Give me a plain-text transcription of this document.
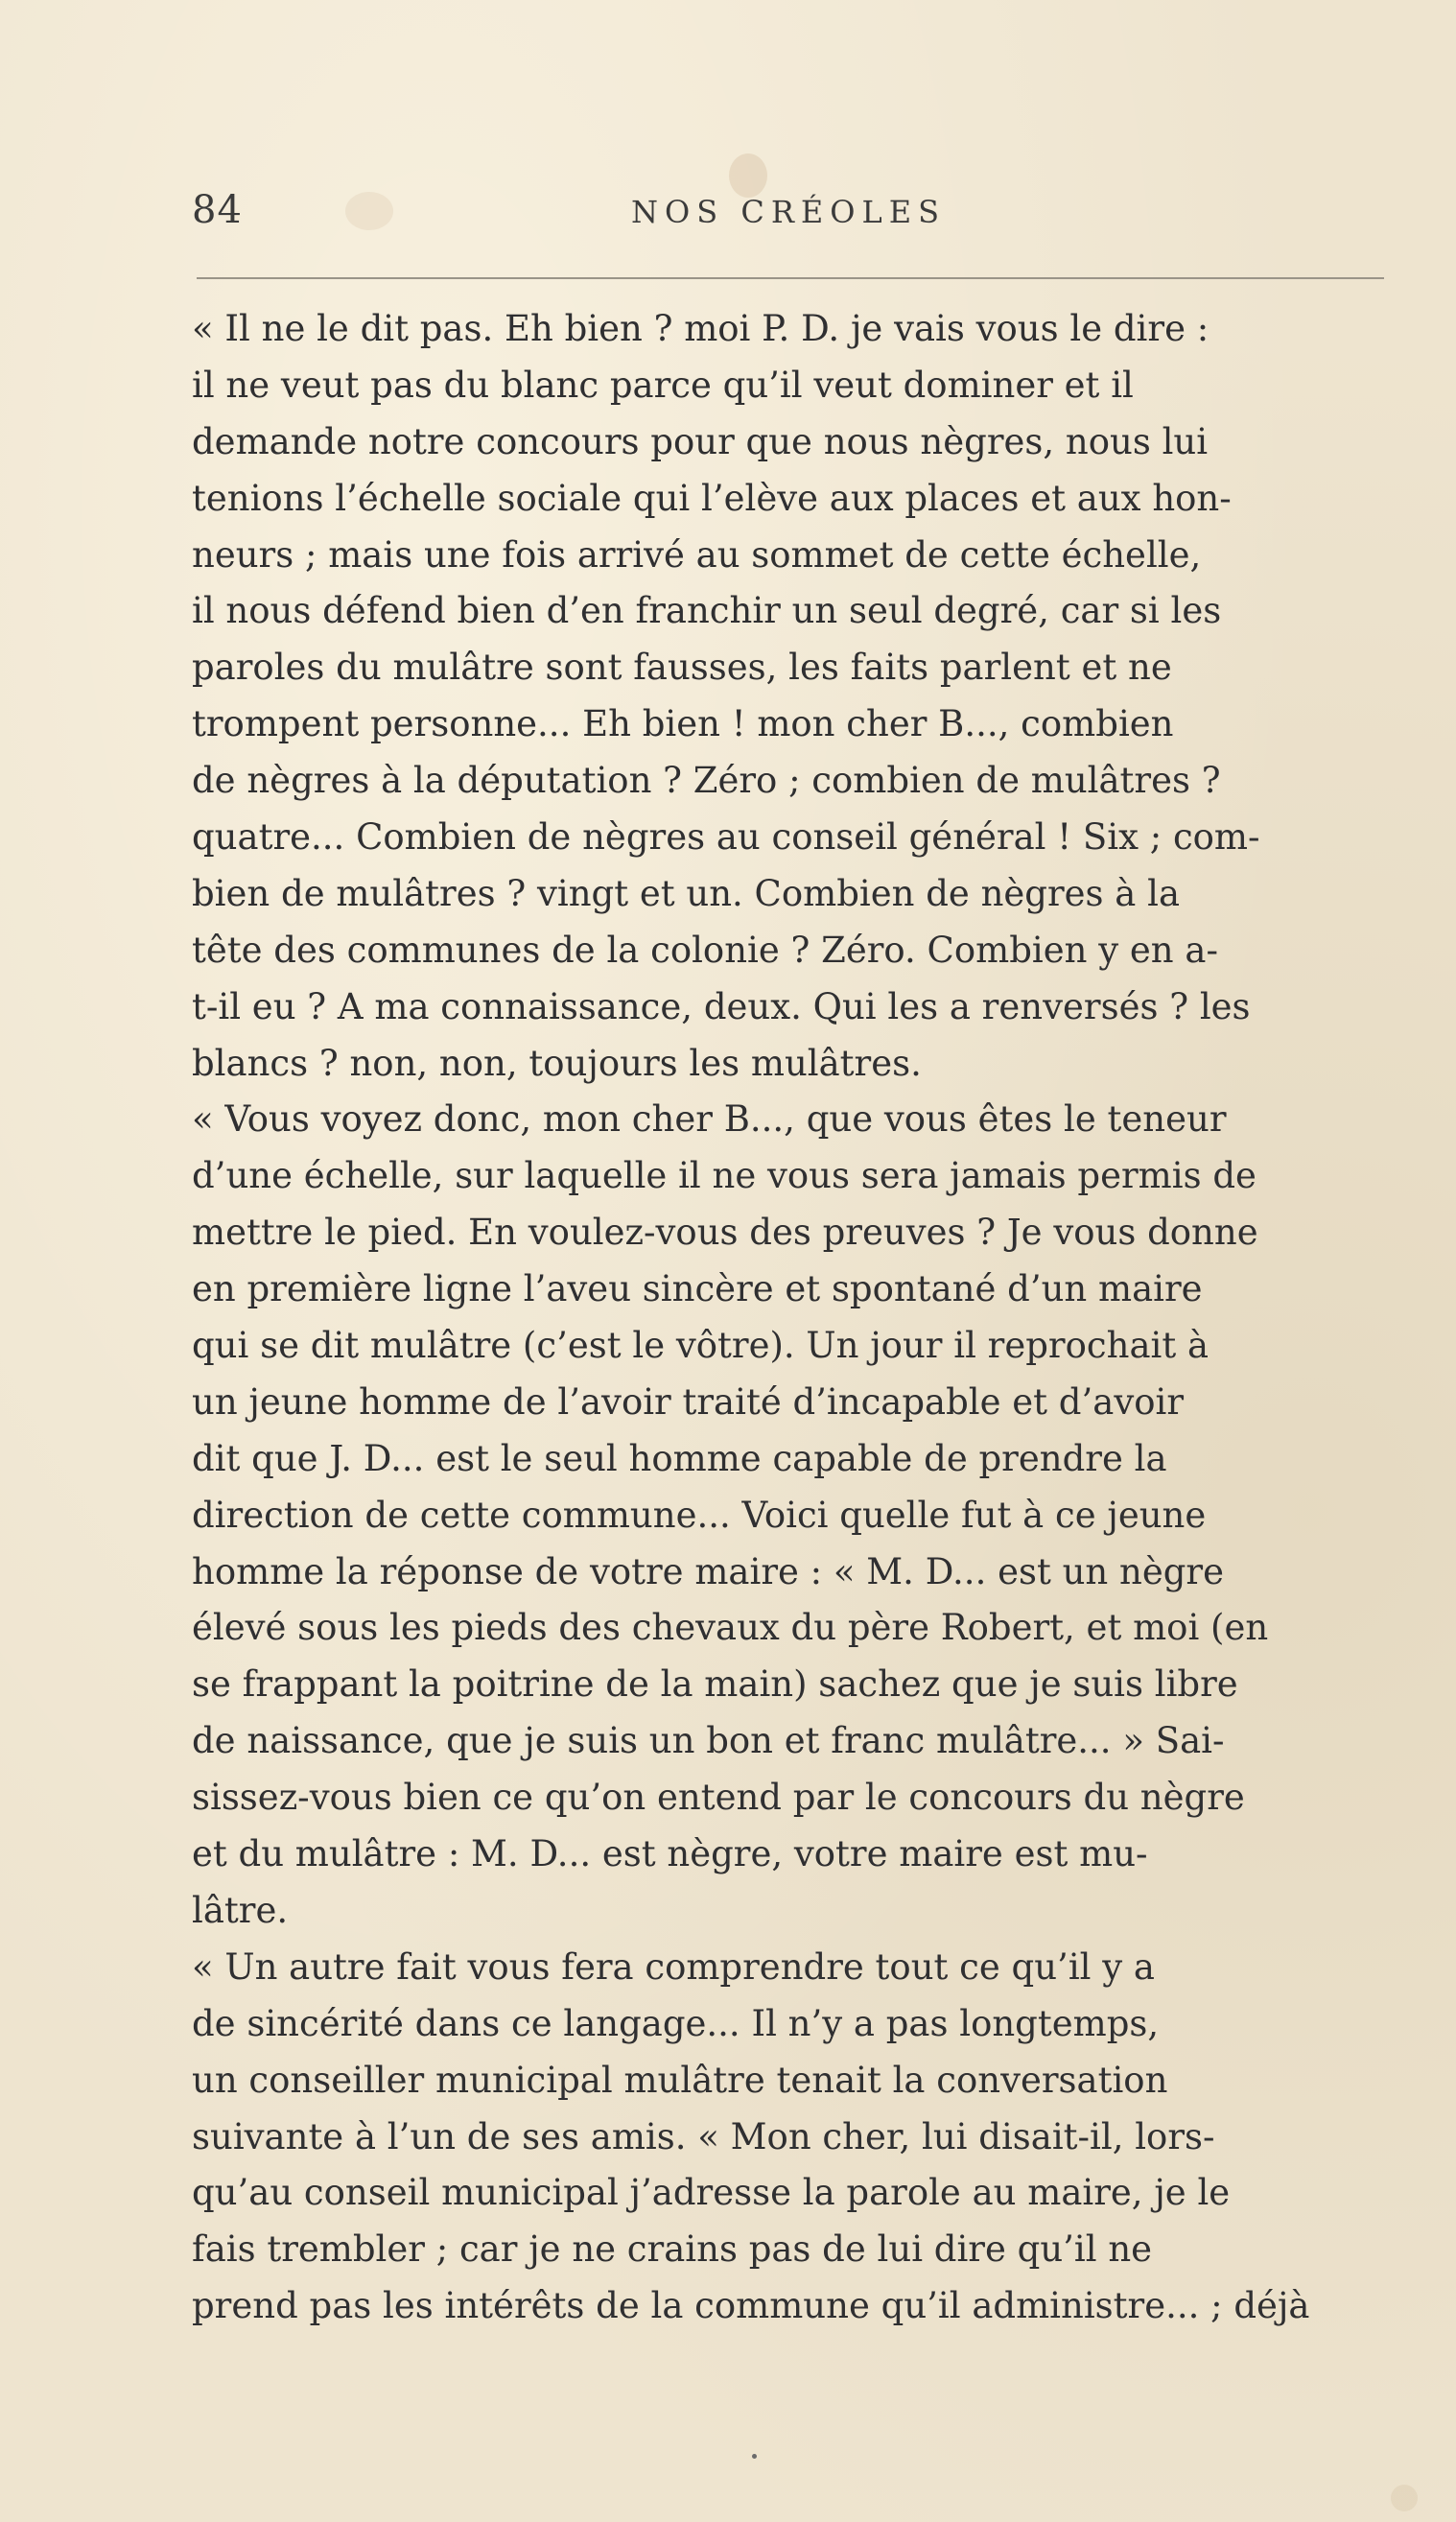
84	NOS CRÉOLES
« Il ne le dit pas. Eh bien ? moi P. D. je vais vous le dire :
il ne veut pas du blanc parce qu’il veut dominer et il
demande notre concours pour que nous nègres, nous lui
tenions l’échelle sociale qui l’elève aux places et aux hon-
neurs ; mais une fois arrivé au sommet de cette échelle,
il nous défend bien d’en franchir un seul degré, car si les
paroles du mulâtre sont fausses, les faits parlent et ne
trompent personne... Eh bien ! mon cher B..., combien
de nègres à la députation ? Zéro ; combien de mulâtres ?
quatre... Combien de nègres au conseil général ! Six ; com-
bien de mulâtres ? vingt et un. Combien de nègres à la
tête des communes de la colonie ? Zéro. Combien y en a-
t-il eu ? A ma connaissance, deux. Qui les a renversés ? les
blancs ? non, non, toujours les mulâtres.
« Vous voyez donc, mon cher B..., que vous êtes le teneur
d’une échelle, sur laquelle il ne vous sera jamais permis de
mettre le pied. En voulez-vous des preuves ? Je vous donne
en première ligne l’aveu sincère et spontané d’un maire
qui se dit mulâtre (c’est le vôtre). Un jour il reprochait à
un jeune homme de l’avoir traité d’incapable et d’avoir
dit que J. D... est le seul homme capable de prendre la
direction de cette commune... Voici quelle fut à ce jeune
homme la réponse de votre maire : « M. D... est un nègre
élevé sous les pieds des chevaux du père Robert, et moi (en
se frappant la poitrine de la main) sachez que je suis libre
de naissance, que je suis un bon et franc mulâtre... » Sai-
sissez-vous bien ce qu’on entend par le concours du nègre
et du mulâtre : M. D... est nègre, votre maire est mu-
lâtre.
« Un autre fait vous fera comprendre tout ce qu’il y a
de sincérité dans ce langage... Il n’y a pas longtemps,
un conseiller municipal mulâtre tenait la conversation
suivante à l’un de ses amis. « Mon cher, lui disait-il, lors-
qu’au conseil municipal j’adresse la parole au maire, je le
fais trembler ; car je ne crains pas de lui dire qu’il ne
prend pas les intérêts de la commune qu’il administre... ; déjà
